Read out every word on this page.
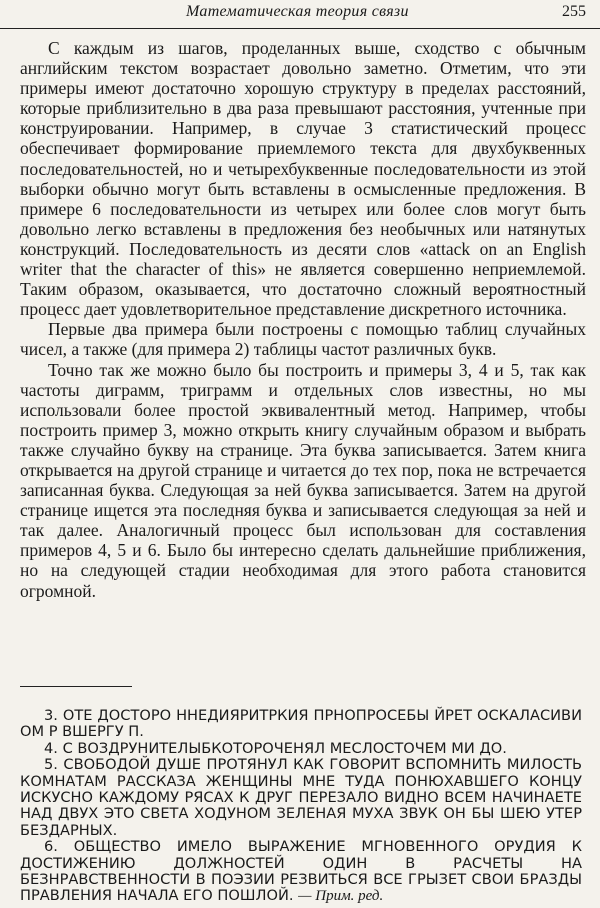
Математическая теория связи	255

С каждым из шагов, проделанных выше, сходство с обычным английским текстом возрастает довольно заметно. Отметим, что эти примеры имеют достаточно хорошую структуру в пределах расстояний, которые приблизительно в два раза превышают расстояния, учтенные при конструировании. Например, в случае 3 статистический процесс обеспечивает формирование приемлемого текста для двухбуквенных последовательностей, но и четырехбуквенные последовательности из этой выборки обычно могут быть вставлены в осмысленные предложения. В примере 6 последовательности из четырех или более слов могут быть довольно легко вставлены в предложения без необычных или натянутых конструкций. Последовательность из десяти слов «attack on an English writer that the character of this» не является совершенно неприемлемой. Таким образом, оказывается, что достаточно сложный вероятностный процесс дает удовлетворительное представление дискретного источника.

Первые два примера были построены с помощью таблиц случайных чисел, а также (для примера 2) таблицы частот различных букв.

Точно так же можно было бы построить и примеры 3, 4 и 5, так как частоты диграмм, триграмм и отдельных слов известны, но мы использовали более простой эквивалентный метод. Например, чтобы построить пример 3, можно открыть книгу случайным образом и выбрать также случайно букву на странице. Эта буква записывается. Затем книга открывается на другой странице и читается до тех пор, пока не встречается записанная буква. Следующая за ней буква записывается. Затем на другой странице ищется эта последняя буква и записывается следующая за ней и так далее. Аналогичный процесс был использован для составления примеров 4, 5 и 6. Было бы интересно сделать дальнейшие приближения, но на следующей стадии необходимая для этого работа становится огромной.

3. ОТЕ ДОСТОРО ННЕДИЯРИТРКИЯ ПРНОПРОСЕБЫ ЙРЕТ ОСКАЛАСИВИ ОМ Р ВШЕРГУ П.

4. С ВОЗДРУНИТЕЛЫБКОТОРОЧЕНЯЛ МЕСЛОСТОЧЕМ МИ ДО.

5. СВОБОДОЙ ДУШЕ ПРОТЯНУЛ КАК ГОВОРИТ ВСПОМНИТЬ МИЛОСТЬ КОМНАТАМ РАССКАЗА ЖЕНЩИНЫ МНЕ ТУДА ПОНЮХАВШЕГО КОНЦУ ИСКУСНО КАЖДОМУ РЯСАХ К ДРУГ ПЕРЕЗАЛО ВИДНО ВСЕМ НАЧИНАЕТЕ НАД ДВУХ ЭТО СВЕТА ХОДУНОМ ЗЕЛЕНАЯ МУХА ЗВУК ОН БЫ ШЕЮ УТЕР БЕЗДАРНЫХ.

6. ОБЩЕСТВО ИМЕЛО ВЫРАЖЕНИЕ МГНОВЕННОГО ОРУДИЯ К ДОСТИЖЕНИЮ ДОЛЖНОСТЕЙ ОДИН В РАСЧЕТЫ НА БЕЗНРАВСТВЕННОСТИ В ПОЭЗИИ РЕЗВИТЬСЯ ВСЕ ГРЫЗЕТ СВОИ БРАЗДЫ ПРАВЛЕНИЯ НАЧАЛА ЕГО ПОШЛОЙ. — Прим. ред.
